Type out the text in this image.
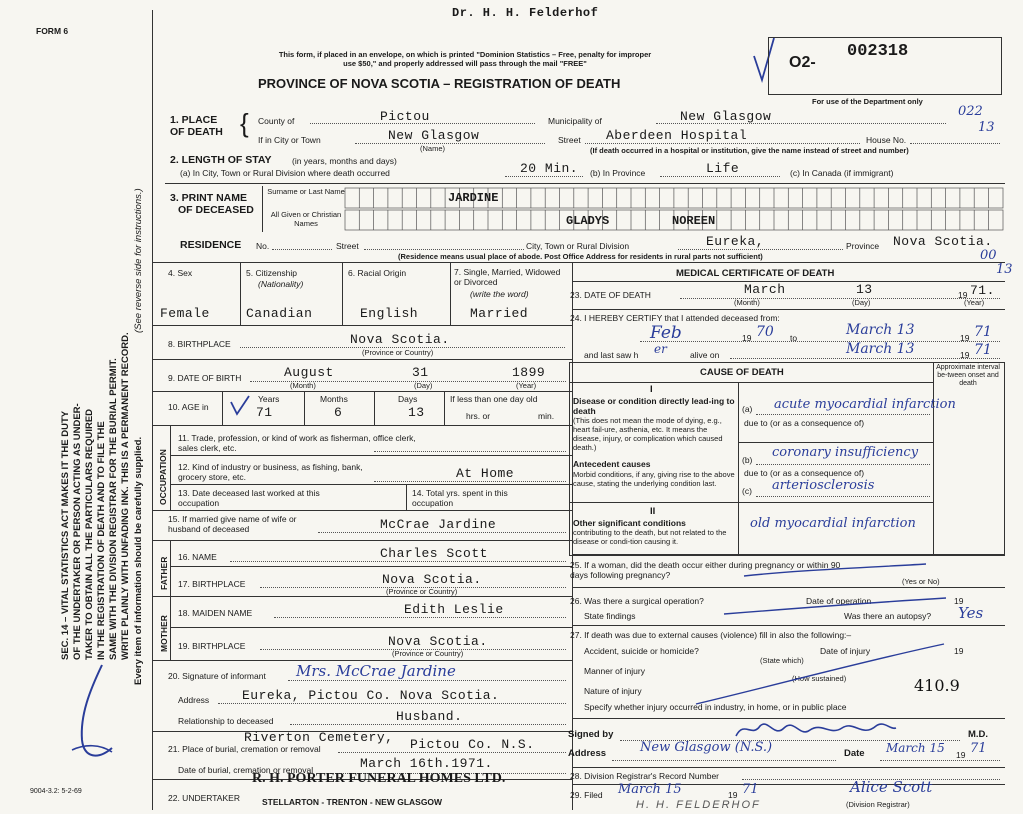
FORM 6
SEC. 14 – VITAL STATISTICS ACT MAKES IT THE DUTY OF THE UNDERTAKER OR PERSON ACTING AS UNDER- TAKER TO OBTAIN ALL THE PARTICULARS REQUIRED IN THE REGISTRATION OF DEATH AND TO FILE THE SAME WITH THE DIVISION REGISTRAR FOR THE BURIAL PERMIT. WRITE PLAINLY WITH UNFADING INK. THIS IS A PERMANENT RECORD.
(See reverse side for instructions.)
Every item of information should be carefully supplied.
9004-3.2: 5-2-69
Dr. H. H. Felderhof
This form, if placed in an envelope, on which is printed "Dominion Statistics – Free, penalty for improper
use $50," and properly addressed will pass through the mail "FREE"
PROVINCE OF NOVA SCOTIA – REGISTRATION OF DEATH
O2-
002318
For use of the Department only
022
13
00
13
1. PLACE OF DEATH { County of	Pictou	Municipality of	New Glasgow
If in City or Town	New Glasgow
(Name)
Street Aberdeen Hospital	House No.
(If death occurred in a hospital or institution, give the name instead of street and number)
2. LENGTH OF STAY (in years, months and days)
(a) In City, Town or Rural Division where death occurred	20 Min. (b) In Province	Life	(c) In Canada (if immigrant)
3. PRINT NAME
OF DECEASED
Surname or Last Name
All Given or Christian Names
JARDINE
GLADYS	NOREEN
RESIDENCE No.	Street	City, Town or Rural Division	Eureka,	Province Nova Scotia.
(Residence means usual place of abode. Post Office Address for residents in rural parts not sufficient)
4. Sex	5. Citizenship
(Nationality)
6. Racial Origin	7. Single, Married, Widowed or Divorced
(write the word)
Female	Canadian	English	Married
8. BIRTHPLACE	Nova Scotia.
(Province or Country)
9. DATE OF BIRTH	August	31	1899
(Month)	(Day)	(Year)
10. AGE in
Years	Months	Days	If less than one day old
hrs. or	min.
71	6	13
OCCUPATION
11. Trade, profession, or kind of work as fisherman, office clerk, sales clerk, etc.
12. Kind of industry or business, as fishing, bank, grocery store, etc.	At Home
13. Date deceased last worked at this occupation
14. Total yrs. spent in this occupation
15. If married give name of wife or husband of deceased	McCrae Jardine
FATHER 16. NAME	Charles Scott
17. BIRTHPLACE	Nova Scotia.
(Province or Country)
MOTHER
18. MAIDEN NAME	Edith Leslie
19. BIRTHPLACE	Nova Scotia.
(Province or Country)
20. Signature of informant Mrs. McCrae Jardine
Address	Eureka, Pictou Co. Nova Scotia.
Relationship to deceased	Husband.
Riverton Cemetery,
21. Place of burial, cremation or removal	Pictou Co. N.S.
Date of burial, cremation or removal	March 16th.1971.
22. UNDERTAKER
R. H. PORTER FUNERAL HOMES LTD.
STELLARTON - TRENTON - NEW GLASGOW
MEDICAL CERTIFICATE OF DEATH
23. DATE OF DEATH	March	13	19 71.
(Month)	(Day)	(Year)
24. I HEREBY CERTIFY that I attended deceased from:
Feb	19 70 to	March 13	19 71
and last saw h er	alive on	March 13	19 71
CAUSE OF DEATH	Approximate interval be-tween onset and death
I
Disease or condition directly lead-ing to death
(This does not mean the mode of dying, e.g., heart fail-ure, asthenia, etc. It means the disease, injury, or complication which caused death.)
Antecedent causes
Morbid conditions, if any, giving rise to the above cause, stating the underlying condition last.
II
Other significant conditions
contributing to the death, but not related to the disease or condi-tion causing it.
(a) acute myocardial infarction
due to (or as a consequence of)
(b) coronary insufficiency
due to (or as a consequence of)
(c) arteriosclerosis
old myocardial infarction
25. If a woman, did the death occur either during pregnancy or within 90 days following pregnancy?
(Yes or No)
26. Was there a surgical operation?	Date of operation	19
State findings	Was there an autopsy? Yes
27. If death was due to external causes (violence) fill in also the following:–
Accident, suicide or homicide?
(State which)
Date of injury	19
Manner of injury
(How sustained)
Nature of injury	410.9
Specify whether injury occurred in industry, in home, or in public place
Signed by	M.D.
Address	New Glasgow (N.S.)	Date March 15 19 71
28. Division Registrar's Record Number
29. Filed March 15	19 71	Alice Scott
(Division Registrar)
H. H. FELDERHOF
